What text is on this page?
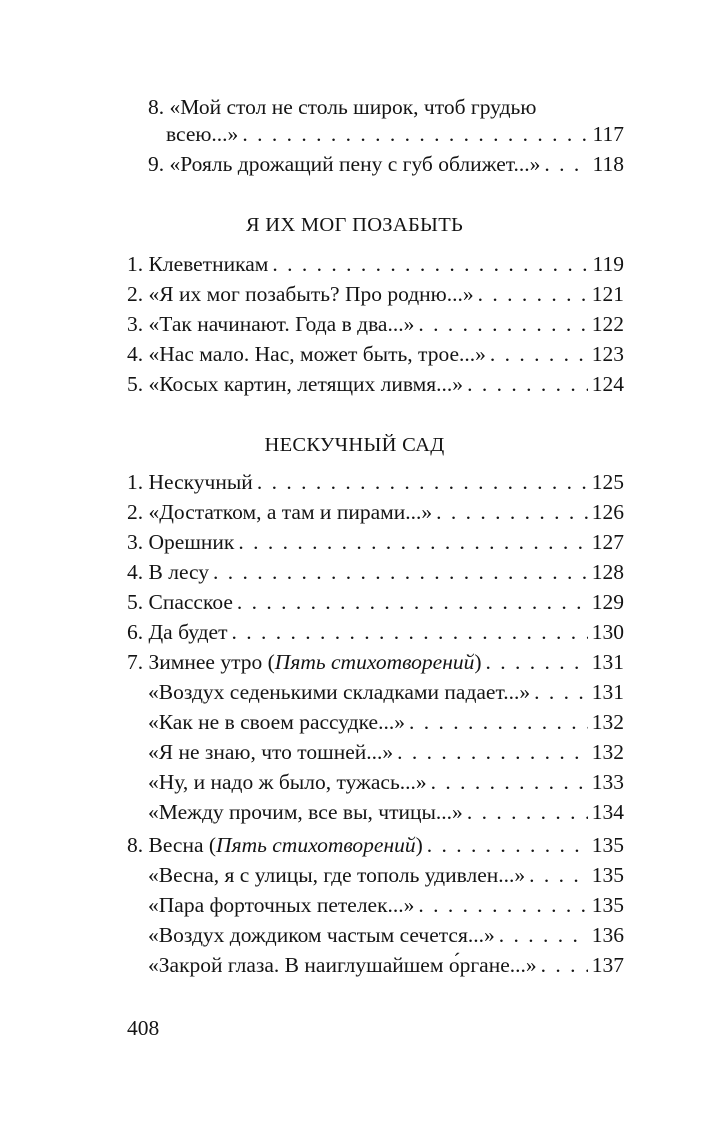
8. «Мой стол не столь широк, чтоб грудью
всею...» . . .	117
9. «Рояль дрожащий пену с губ оближет...» . . . 118
Я ИХ МОГ ПОЗАБЫТЬ
1. Клеветникам . . .	119
2. «Я их мог позабыть? Про родню...» . . .	121
3. «Так начинают. Года в два...» . . .	122
4. «Нас мало. Нас, может быть, трое...» . . .	123
5. «Косых картин, летящих ливмя...» . . .	124
НЕСКУЧНЫЙ САД
1. Нескучный . . .	125
2. «Достатком, а там и пирами...» . . .	126
3. Орешник . . .	127
4. В лесу . . .	128
5. Спасское . . .	129
6. Да будет . . .	130
7. Зимнее утро (Пять стихотворений) . . .	131
«Воздух седенькими складками падает...» . . .	131
«Как не в своем рассудке...» . . .	132
«Я не знаю, что тошней...» . . .	132
«Ну, и надо ж было, тужась...» . . .	133
«Между прочим, все вы, чтицы...» . . .	134
8. Весна (Пять стихотворений) . . .	135
«Весна, я с улицы, где тополь удивлен...» . . .	135
«Пара форточных петелек...» . . .	135
«Воздух дождиком частым сечется...» . . .	136
«Закрой глаза. В наиглушайшем о́ргане...» . . .	137
408
